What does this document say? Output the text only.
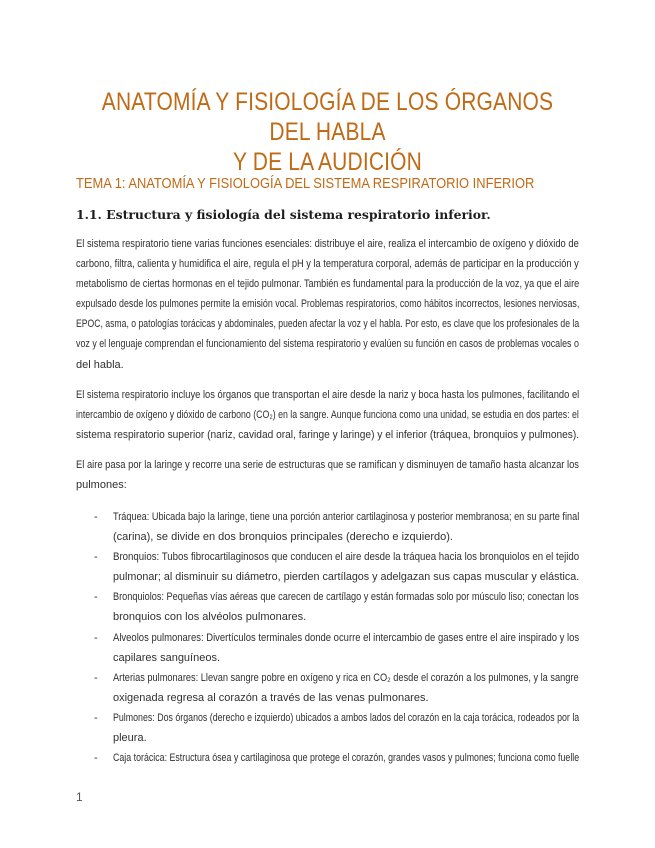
ANATOMÍA Y FISIOLOGÍA DE LOS ÓRGANOS DEL HABLA
Y DE LA AUDICIÓN
TEMA 1: ANATOMÍA Y FISIOLOGÍA DEL SISTEMA RESPIRATORIO INFERIOR
1.1. Estructura y fisiología del sistema respiratorio inferior.
El sistema respiratorio tiene varias funciones esenciales: distribuye el aire, realiza el intercambio de oxígeno y dióxido de
carbono, filtra, calienta y humidifica el aire, regula el pH y la temperatura corporal, además de participar en la producción y
metabolismo de ciertas hormonas en el tejido pulmonar. También es fundamental para la producción de la voz, ya que el aire
expulsado desde los pulmones permite la emisión vocal. Problemas respiratorios, como hábitos incorrectos, lesiones nerviosas,
EPOC, asma, o patologías torácicas y abdominales, pueden afectar la voz y el habla. Por esto, es clave que los profesionales de la
voz y el lenguaje comprendan el funcionamiento del sistema respiratorio y evalúen su función en casos de problemas vocales o
del habla.
El sistema respiratorio incluye los órganos que transportan el aire desde la nariz y boca hasta los pulmones, facilitando el
intercambio de oxígeno y dióxido de carbono (CO₂) en la sangre. Aunque funciona como una unidad, se estudia en dos partes: el
sistema respiratorio superior (nariz, cavidad oral, faringe y laringe) y el inferior (tráquea, bronquios y pulmones).
El aire pasa por la laringe y recorre una serie de estructuras que se ramifican y disminuyen de tamaño hasta alcanzar los
pulmones:
- Tráquea: Ubicada bajo la laringe, tiene una porción anterior cartilaginosa y posterior membranosa; en su parte final
(carina), se divide en dos bronquios principales (derecho e izquierdo).
- Bronquios: Tubos fibrocartilaginosos que conducen el aire desde la tráquea hacia los bronquiolos en el tejido
pulmonar; al disminuir su diámetro, pierden cartílagos y adelgazan sus capas muscular y elástica.
- Bronquiolos: Pequeñas vías aéreas que carecen de cartílago y están formadas solo por músculo liso; conectan los
bronquios con los alvéolos pulmonares.
- Alveolos pulmonares: Divertículos terminales donde ocurre el intercambio de gases entre el aire inspirado y los
capilares sanguíneos.
- Arterias pulmonares: Llevan sangre pobre en oxígeno y rica en CO₂ desde el corazón a los pulmones, y la sangre
oxigenada regresa al corazón a través de las venas pulmonares.
- Pulmones: Dos órganos (derecho e izquierdo) ubicados a ambos lados del corazón en la caja torácica, rodeados por la
pleura.
- Caja torácica: Estructura ósea y cartilaginosa que protege el corazón, grandes vasos y pulmones; funciona como fuelle
1
